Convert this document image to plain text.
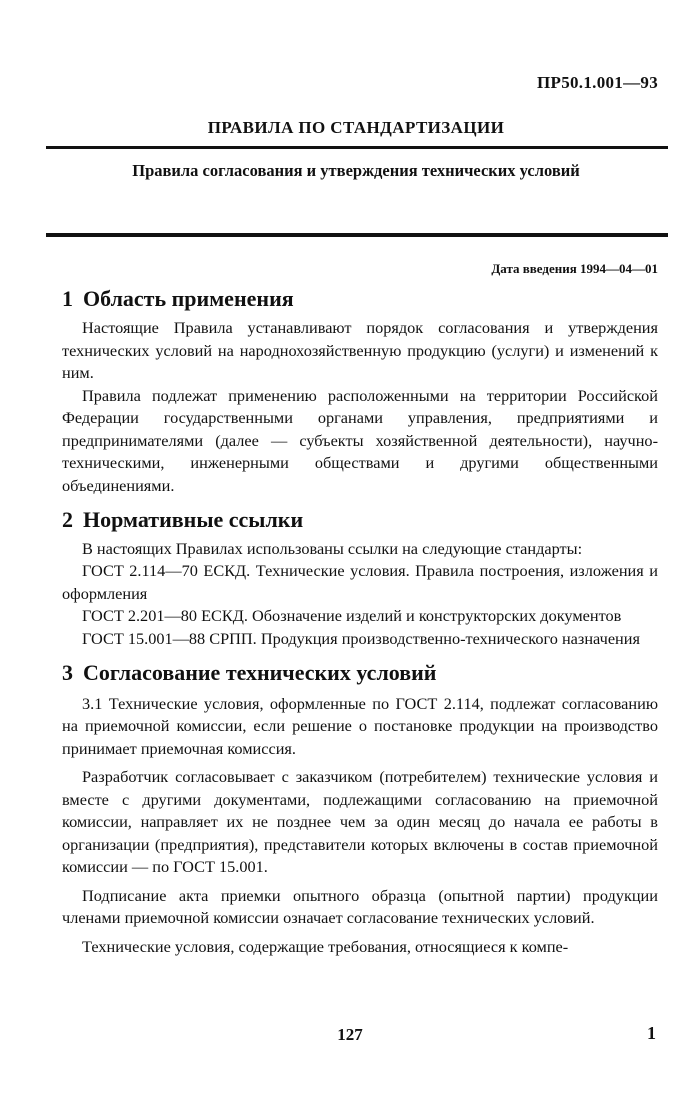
ПР50.1.001—93
ПРАВИЛА ПО СТАНДАРТИЗАЦИИ
Правила согласования и утверждения технических условий
Дата введения 1994—04—01
1 Область применения

Настоящие Правила устанавливают порядок согласования и утверждения технических условий на народнохозяйственную продукцию (услуги) и изменений к ним.

Правила подлежат применению расположенными на территории Российской Федерации государственными органами управления, предприятиями и предпринимателями (далее — субъекты хозяйственной деятельности), научно-техническими, инженерными обществами и другими общественными объединениями.

2 Нормативные ссылки

В настоящих Правилах использованы ссылки на следующие стандарты:

ГОСТ 2.114—70 ЕСКД. Технические условия. Правила построения, изложения и оформления

ГОСТ 2.201—80 ЕСКД. Обозначение изделий и конструкторских документов

ГОСТ 15.001—88 СРПП. Продукция производственно-технического назначения

3 Согласование технических условий

3.1 Технические условия, оформленные по ГОСТ 2.114, подлежат согласованию на приемочной комиссии, если решение о постановке продукции на производство принимает приемочная комиссия.

Разработчик согласовывает с заказчиком (потребителем) технические условия и вместе с другими документами, подлежащими согласованию на приемочной комиссии, направляет их не позднее чем за один месяц до начала ее работы в организации (предприятия), представители которых включены в состав приемочной комиссии — по ГОСТ 15.001.

Подписание акта приемки опытного образца (опытной партии) продукции членами приемочной комиссии означает согласование технических условий.

Технические условия, содержащие требования, относящиеся к компе-

127	1
